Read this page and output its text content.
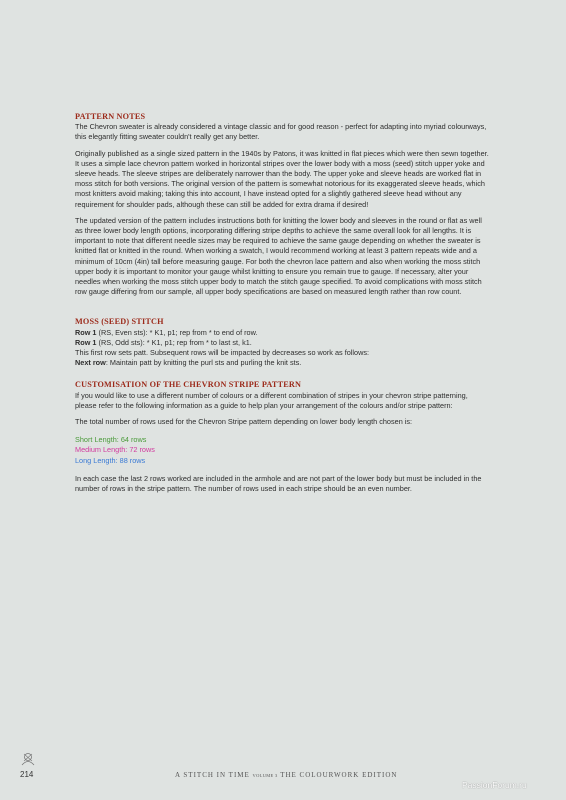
PATTERN NOTES

The Chevron sweater is already considered a vintage classic and for good reason - perfect for adapting into myriad colourways, this elegantly fitting sweater couldn't really get any better.

Originally published as a single sized pattern in the 1940s by Patons, it was knitted in flat pieces which were then sewn together. It uses a simple lace chevron pattern worked in horizontal stripes over the lower body with a moss (seed) stitch upper yoke and sleeve heads. The sleeve stripes are deliberately narrower than the body. The upper yoke and sleeve heads are worked flat in moss stitch for both versions. The original version of the pattern is somewhat notorious for its exaggerated sleeve heads, which most knitters avoid making; taking this into account, I have instead opted for a slightly gathered sleeve head without any requirement for shoulder pads, although these can still be added for extra drama if desired!

The updated version of the pattern includes instructions both for knitting the lower body and sleeves in the round or flat as well as three lower body length options, incorporating differing stripe depths to achieve the same overall look for all lengths. It is important to note that different needle sizes may be required to achieve the same gauge depending on whether the sweater is knitted flat or knitted in the round. When working a swatch, I would recommend working at least 3 pattern repeats wide and a minimum of 10cm (4in) tall before measuring gauge. For both the chevron lace pattern and also when working the moss stitch upper body it is important to monitor your gauge whilst knitting to ensure you remain true to gauge. If necessary, alter your needles when working the moss stitch upper body to match the stitch gauge specified. To avoid complications with moss stitch row gauge differing from our sample, all upper body specifications are based on measured length rather than row count.

MOSS (SEED) STITCH
Row 1 (RS, Even sts): * K1, p1; rep from * to end of row.
Row 1 (RS, Odd sts): * K1, p1; rep from * to last st, k1.
This first row sets patt. Subsequent rows will be impacted by decreases so work as follows:
Next row: Maintain patt by knitting the purl sts and purling the knit sts.
CUSTOMISATION OF THE CHEVRON STRIPE PATTERN

If you would like to use a different number of colours or a different combination of stripes in your chevron stripe patterning, please refer to the following information as a guide to help plan your arrangement of the colours and/or stripe pattern:

The total number of rows used for the Chevron Stripe pattern depending on lower body length chosen is:

Short Length: 64 rows
Medium Length: 72 rows
Long Length: 88 rows

In each case the last 2 rows worked are included in the armhole and are not part of the lower body but must be included in the number of rows in the stripe pattern. The number of rows used in each stripe should be an even number.

214	A STITCH IN TIME VOLUME 3 THE COLOURWORK EDITION
PassionForum.ru
